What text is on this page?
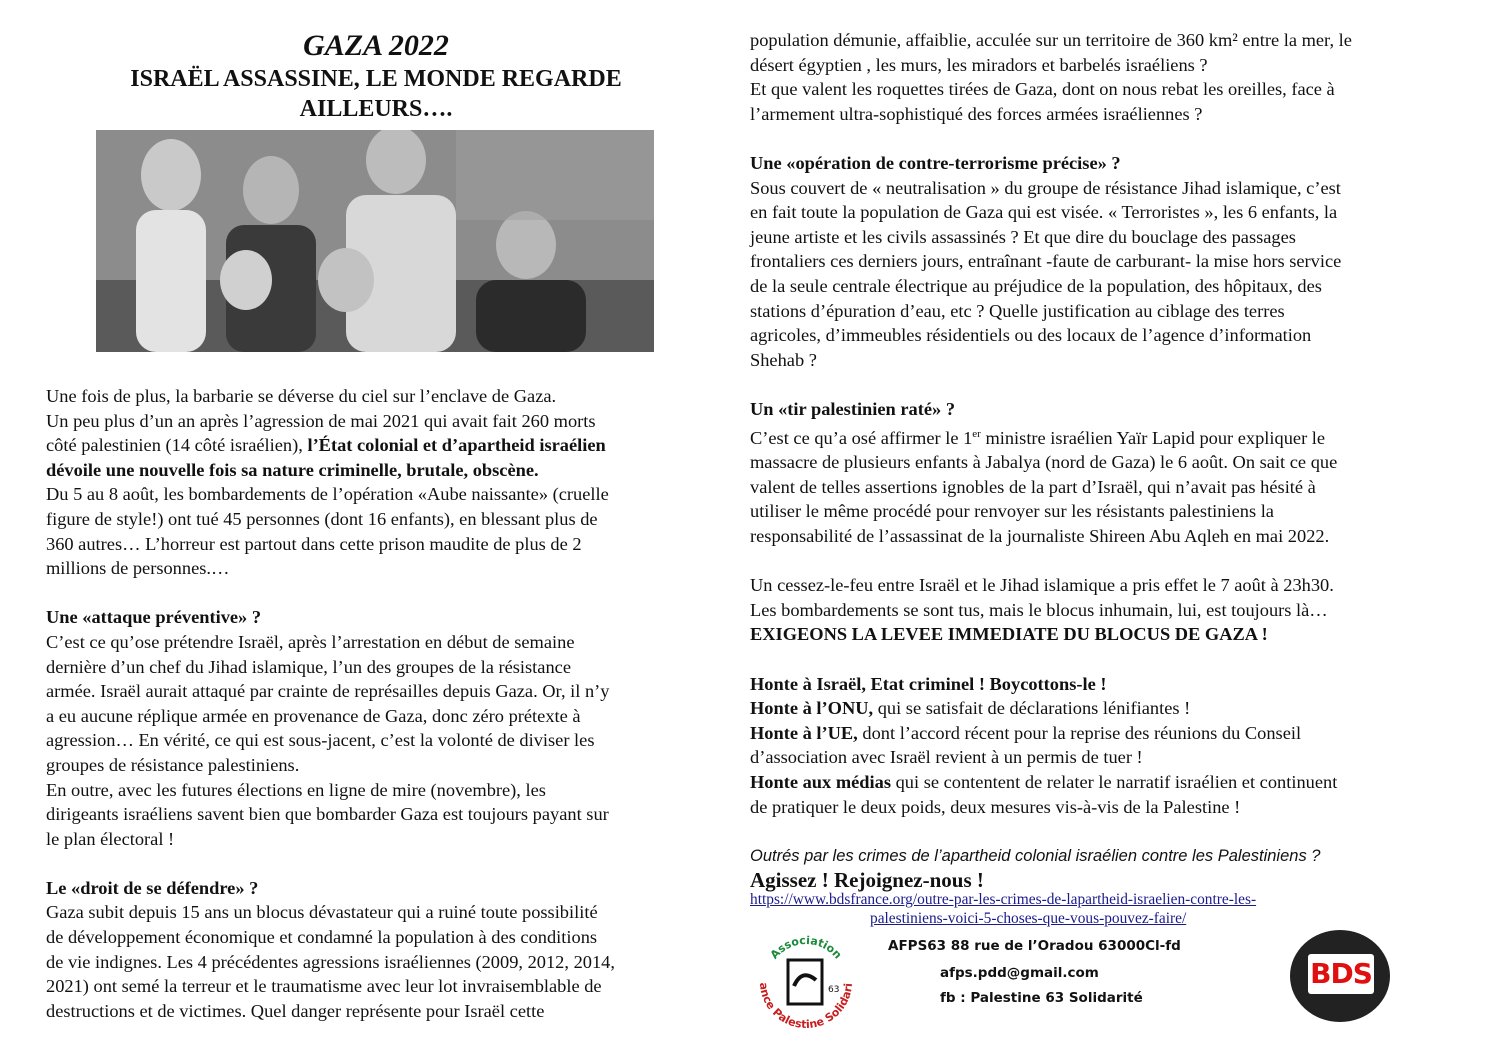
GAZA 2022

ISRAËL ASSASSINE, LE MONDE REGARDE

AILLEURS….

Une fois de plus, la barbarie se déverse du ciel sur l’enclave de Gaza.

Un peu plus d’un an après l’agression de mai 2021 qui avait fait 260 morts

côté palestinien (14 côté israélien), l’État colonial et d’apartheid israélien

dévoile une nouvelle fois sa nature criminelle, brutale, obscène.

Du 5 au 8 août, les bombardements de l’opération «Aube naissante» (cruelle

figure de style!) ont tué 45 personnes (dont 16 enfants), en blessant plus de

360 autres… L’horreur est partout dans cette prison maudite de plus de 2

millions de personnes.…

Une «attaque préventive» ?

C’est ce qu’ose prétendre Israël, après l’arrestation en début de semaine

dernière d’un chef du Jihad islamique, l’un des groupes de la résistance

armée. Israël aurait attaqué par crainte de représailles depuis Gaza. Or, il n’y

a eu aucune réplique armée en provenance de Gaza, donc zéro prétexte à

agression… En vérité, ce qui est sous-jacent, c’est la volonté de diviser les

groupes de résistance palestiniens.

En outre, avec les futures élections en ligne de mire (novembre), les

dirigeants israéliens savent bien que bombarder Gaza est toujours payant sur

le plan électoral !

Le «droit de se défendre» ?

Gaza subit depuis 15 ans un blocus dévastateur qui a ruiné toute possibilité

de développement économique et condamné la population à des conditions

de vie indignes. Les 4 précédentes agressions israéliennes (2009, 2012, 2014,

2021) ont semé la terreur et le traumatisme avec leur lot invraisemblable de

destructions et de victimes. Quel danger représente pour Israël cette

population démunie, affaiblie, acculée sur un territoire de 360 km² entre la mer, le

désert égyptien , les murs, les miradors et barbelés israéliens ?

Et que valent les roquettes tirées de Gaza, dont on nous rebat les oreilles, face à

l’armement ultra-sophistiqué des forces armées israéliennes ?

Une «opération de contre-terrorisme précise» ?

Sous couvert de « neutralisation » du groupe de résistance Jihad islamique, c’est

en fait toute la population de Gaza qui est visée. « Terroristes », les 6 enfants, la

jeune artiste et les civils assassinés ? Et que dire du bouclage des passages

frontaliers ces derniers jours, entraînant -faute de carburant- la mise hors service

de la seule centrale électrique au préjudice de la population, des hôpitaux, des

stations d’épuration d’eau, etc ? Quelle justification au ciblage des terres

agricoles, d’immeubles résidentiels ou des locaux de l’agence d’information

Shehab ?

Un «tir palestinien raté» ?

C’est ce qu’a osé affirmer le 1er ministre israélien Yaïr Lapid pour expliquer le

massacre de plusieurs enfants à Jabalya (nord de Gaza) le 6 août. On sait ce que

valent de telles assertions ignobles de la part d’Israël, qui n’avait pas hésité à

utiliser le même procédé pour renvoyer sur les résistants palestiniens la

responsabilité de l’assassinat de la journaliste Shireen Abu Aqleh en mai 2022.

Un cessez-le-feu entre Israël et le Jihad islamique a pris effet le 7 août à 23h30.

Les bombardements se sont tus, mais le blocus inhumain, lui, est toujours là…

EXIGEONS LA LEVEE IMMEDIATE DU BLOCUS DE GAZA !

Honte à Israël, Etat criminel ! Boycottons-le !

Honte à l’ONU, qui se satisfait de déclarations lénifiantes !

Honte à l’UE, dont l’accord récent pour la reprise des réunions du Conseil

d’association avec Israël revient à un permis de tuer !

Honte aux médias qui se contentent de relater le narratif israélien et continuent

de pratiquer le deux poids, deux mesures vis-à-vis de la Palestine !

Outrés par les crimes de l’apartheid colonial israélien contre les Palestiniens ?

Agissez ! Rejoignez-nous !

https://www.bdsfrance.org/outre-par-les-crimes-de-lapartheid-israelien-contre-les-
palestiniens-voici-5-choses-que-vous-pouvez-faire/
Association
ance Palestine Solidari
63

AFPS63 88 rue de l’Oradou 63000Cl-fd

afps.pdd@gmail.com

fb : Palestine 63 Solidarité

BDS
